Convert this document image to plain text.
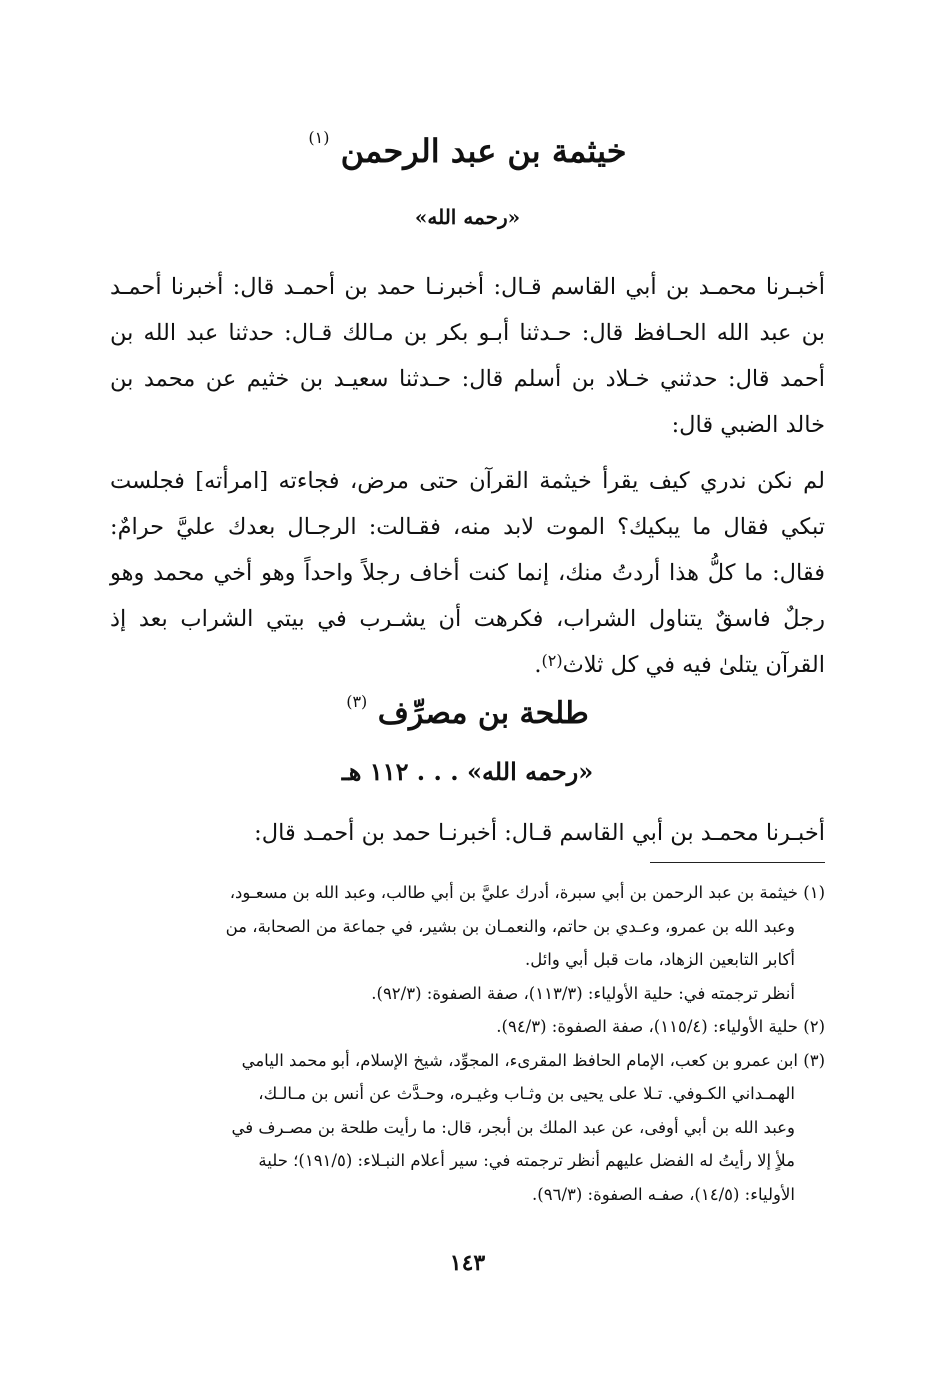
خيثمة بن عبد الرحمن $^{(١)}$
«رحمه الله»

أخبـرنا محمـد بن أبي القاسم قـال: أخبرنـا حمد بن أحمـد قال: أخبرنا أحمـد بن عبد الله الحـافظ قال: حـدثنا أبـو بكر بن مـالك قـال: حدثنا عبد الله بن أحمد قال: حدثني خـلاد بن أسلم قال: حـدثنا سعيـد بن خثيم عن محمد بن خالد الضبي قال:

لم نكن ندري كيف يقرأ خيثمة القرآن حتى مرض، فجاءته [امرأته] فجلست تبكي فقال ما يبكيك؟ الموت لابد منه، فقـالت: الرجـال بعدك عليَّ حرامٌ: فقال: ما كلُّ هذا أردتُ منك، إنما كنت أخاف رجلاً واحداً وهو أخي محمد وهو رجلٌ فاسقٌ يتناول الشراب، فكرهت أن يشـرب في بيتي الشراب بعد إذ القرآن يتلىٰ فيه في كل ثلاث$^{(٢)}$.

طلحة بن مصرِّف $^{(٣)}$
«رحمه الله» . . . ١١٢ هـ

أخبـرنا محمـد بن أبي القاسم قـال: أخبرنـا حمد بن أحمـد قال:

(١) خيثمة بن عبد الرحمن بن أبي سبرة، أدرك عليَّ بن أبي طالب، وعبد الله بن مسعـود،

وعبد الله بن عمرو، وعـدي بن حاتم، والنعمـان بن بشير، في جماعة من الصحابة، من

أكابر التابعين الزهاد، مات قبل أبي وائل.

أنظر ترجمته في: حلية الأولياء: (١١٣/٣)، صفة الصفوة: (٩٢/٣).

(٢) حلية الأولياء: (١١٥/٤)، صفة الصفوة: (٩٤/٣).

(٣) ابن عمرو بن كعب، الإمام الحافظ المقرىء، المجوِّد، شيخ الإسلام، أبو محمد اليامي

الهمـداني الكـوفي. تـلا على يحيى بن وثـاب وغيـره، وحـدَّث عن أنس بن مـالـك،

وعبد الله بن أبي أوفى، عن عبد الملك بن أبجر، قال: ما رأيت طلحة بن مصـرف في

ملأٍ إلا رأيتُ له الفضل عليهم أنظر ترجمته في: سير أعلام النبـلاء: (١٩١/٥)؛ حلية

الأولياء: (١٤/٥)، صفـه الصفوة: (٩٦/٣).

١٤٣
